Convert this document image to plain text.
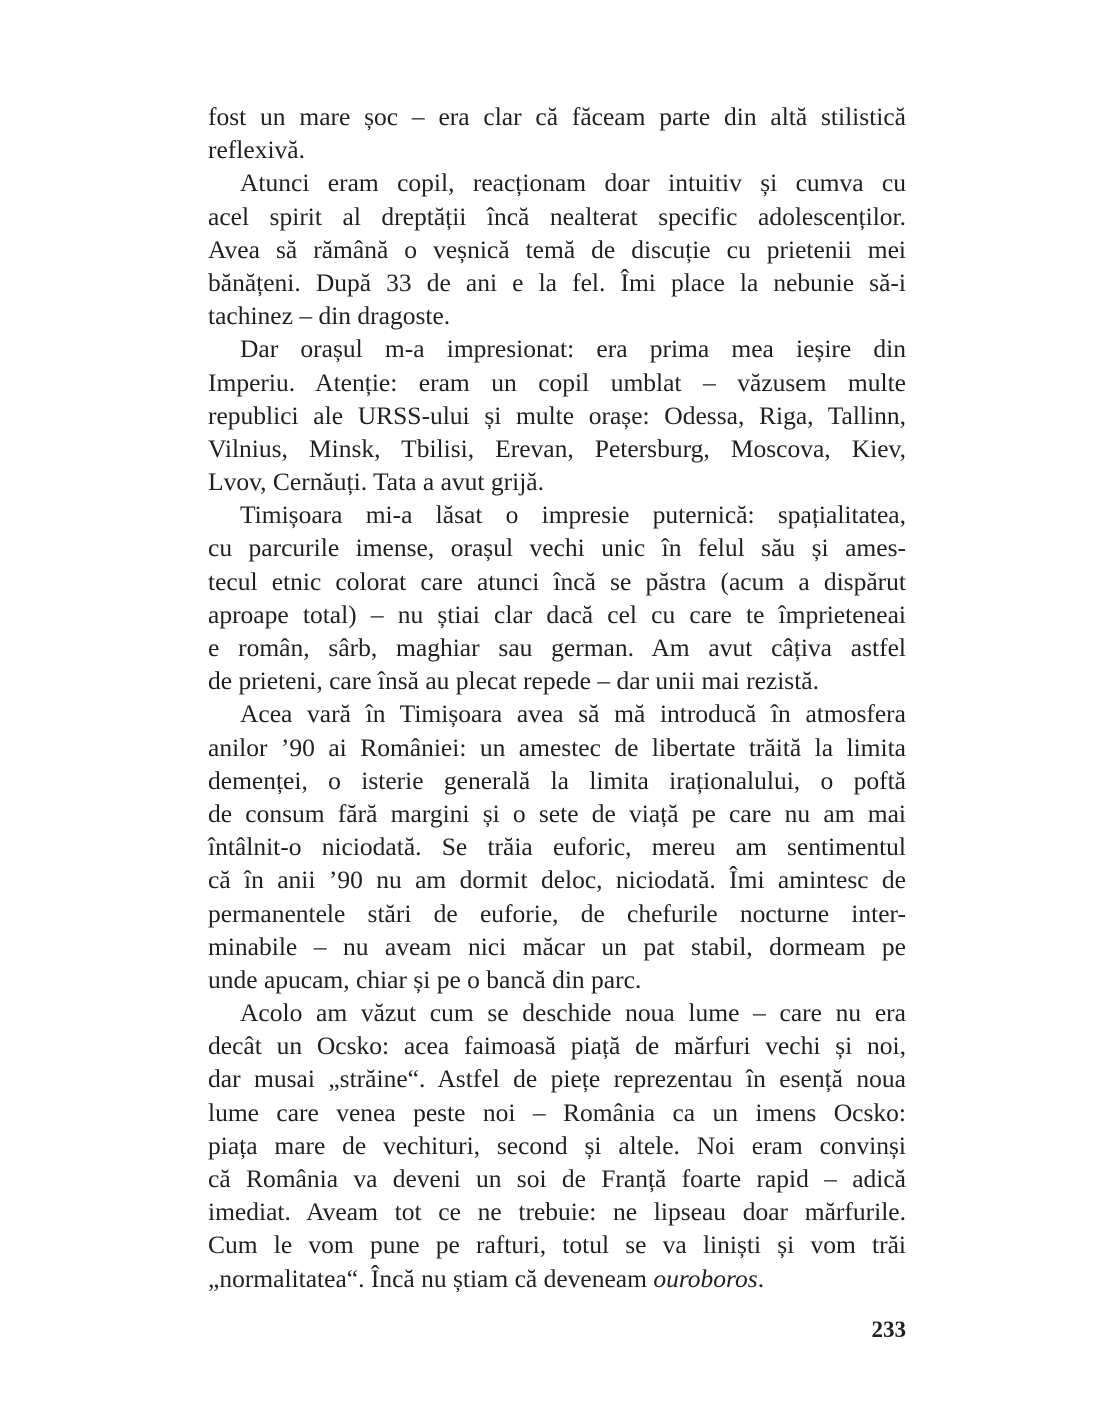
fost un mare șoc – era clar că făceam parte din altă stilistică
reflexivă.
Atunci eram copil, reacționam doar intuitiv și cumva cu
acel spirit al dreptății încă nealterat specific adolescenților.
Avea să rămână o veșnică temă de discuție cu prietenii mei
bănățeni. După 33 de ani e la fel. Îmi place la nebunie să-i
tachinez – din dragoste.
Dar orașul m-a impresionat: era prima mea ieșire din
Imperiu. Atenție: eram un copil umblat – văzusem multe
republici ale URSS-ului și multe orașe: Odessa, Riga, Tallinn,
Vilnius, Minsk, Tbilisi, Erevan, Petersburg, Moscova, Kiev,
Lvov, Cernăuți. Tata a avut grijă.
Timișoara mi-a lăsat o impresie puternică: spațialitatea,
cu parcurile imense, orașul vechi unic în felul său și ames-
tecul etnic colorat care atunci încă se păstra (acum a dispărut
aproape total) – nu știai clar dacă cel cu care te împrieteneai
e român, sârb, maghiar sau german. Am avut câțiva astfel
de prieteni, care însă au plecat repede – dar unii mai rezistă.
Acea vară în Timișoara avea să mă introducă în atmosfera
anilor ’90 ai României: un amestec de libertate trăită la limita
demenței, o isterie generală la limita iraționalului, o poftă
de consum fără margini și o sete de viață pe care nu am mai
întâlnit-o niciodată. Se trăia euforic, mereu am sentimentul
că în anii ’90 nu am dormit deloc, niciodată. Îmi amintesc de
permanentele stări de euforie, de chefurile nocturne inter-
minabile – nu aveam nici măcar un pat stabil, dormeam pe
unde apucam, chiar și pe o bancă din parc.
Acolo am văzut cum se deschide noua lume – care nu era
decât un Ocsko: acea faimoasă piață de mărfuri vechi și noi,
dar musai „străine“. Astfel de piețe reprezentau în esență noua
lume care venea peste noi – România ca un imens Ocsko:
piața mare de vechituri, second și altele. Noi eram convinși
că România va deveni un soi de Franță foarte rapid – adică
imediat. Aveam tot ce ne trebuie: ne lipseau doar mărfurile.
Cum le vom pune pe rafturi, totul se va liniști și vom trăi
„normalitatea“. Încă nu știam că deveneam ouroboros.
233
